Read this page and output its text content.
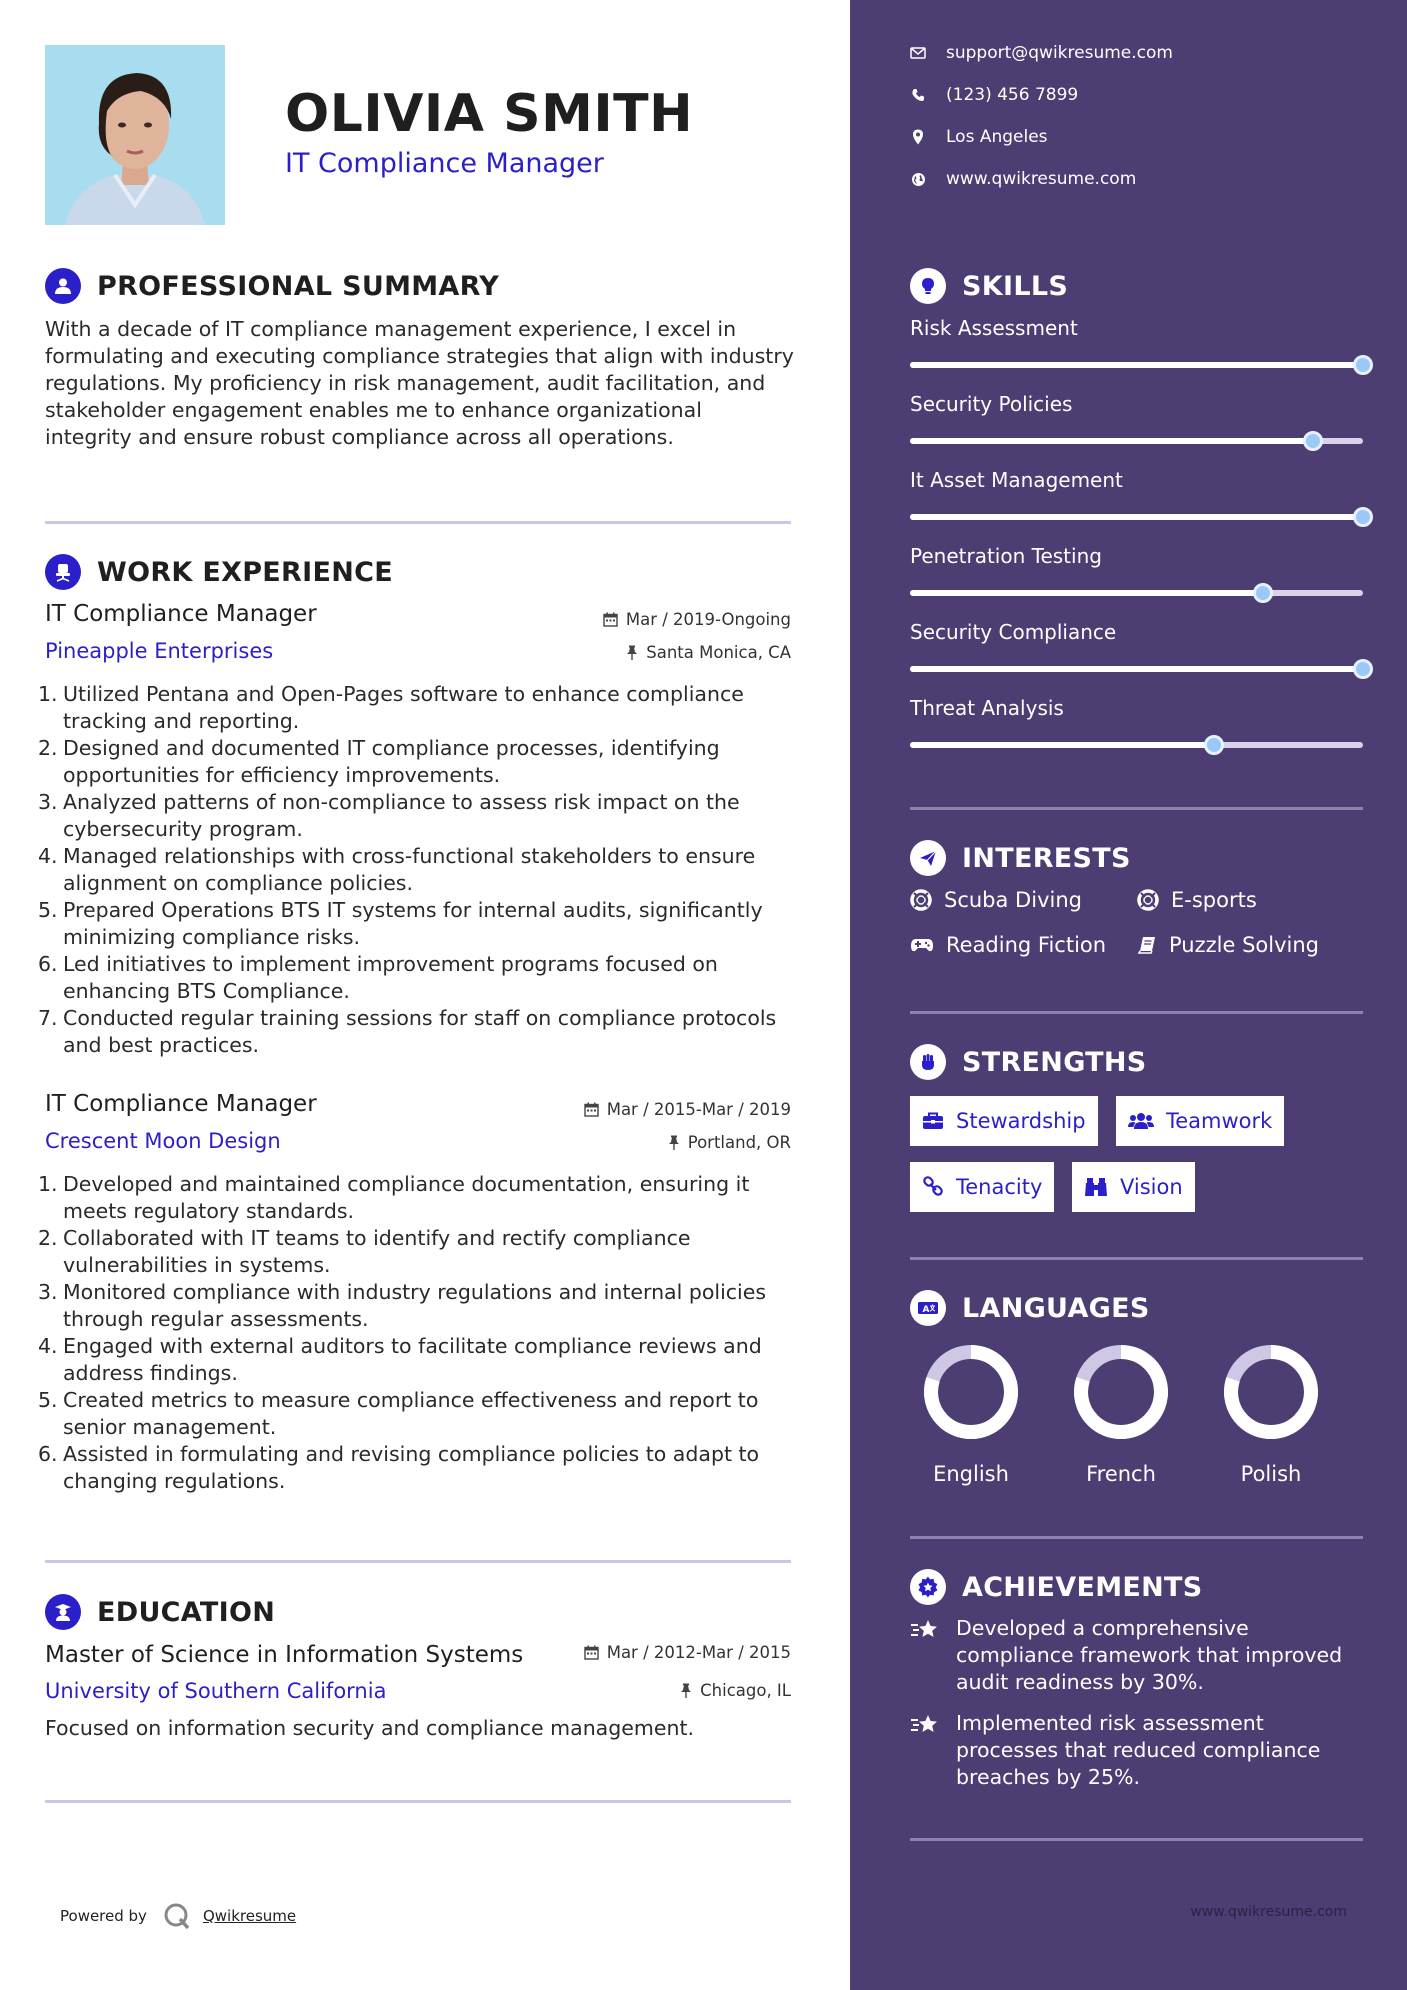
OLIVIA SMITH
IT Compliance Manager
PROFESSIONAL SUMMARY
With a decade of IT compliance management experience, I excel in formulating and executing compliance strategies that align with industry regulations. My proficiency in risk management, audit facilitation, and stakeholder engagement enables me to enhance organizational integrity and ensure robust compliance across all operations.
WORK EXPERIENCE
IT Compliance Manager
Pineapple Enterprises
Mar / 2019-Ongoing
Santa Monica, CA
1. Utilized Pentana and Open-Pages software to enhance compliance tracking and reporting.
2. Designed and documented IT compliance processes, identifying opportunities for efficiency improvements.
3. Analyzed patterns of non-compliance to assess risk impact on the cybersecurity program.
4. Managed relationships with cross-functional stakeholders to ensure alignment on compliance policies.
5. Prepared Operations BTS IT systems for internal audits, significantly minimizing compliance risks.
6. Led initiatives to implement improvement programs focused on enhancing BTS Compliance.
7. Conducted regular training sessions for staff on compliance protocols and best practices.
IT Compliance Manager
Crescent Moon Design
Mar / 2015-Mar / 2019
Portland, OR
1. Developed and maintained compliance documentation, ensuring it meets regulatory standards.
2. Collaborated with IT teams to identify and rectify compliance vulnerabilities in systems.
3. Monitored compliance with industry regulations and internal policies through regular assessments.
4. Engaged with external auditors to facilitate compliance reviews and address findings.
5. Created metrics to measure compliance effectiveness and report to senior management.
6. Assisted in formulating and revising compliance policies to adapt to changing regulations.
EDUCATION
Master of Science in Information Systems
University of Southern California
Mar / 2012-Mar / 2015
Chicago, IL
Focused on information security and compliance management.
Powered by	Qwikresume
support@qwikresume.com
(123) 456 7899
Los Angeles
www.qwikresume.com
SKILLS
Risk Assessment
Security Policies
It Asset Management
Penetration Testing
Security Compliance
Threat Analysis
INTERESTS
Scuba Diving	E-sports
Reading Fiction	Puzzle Solving
STRENGTHS
Stewardship	Teamwork
Tenacity	Vision
A LANGUAGES
English	French	Polish
ACHIEVEMENTS
Developed a comprehensive compliance framework that improved audit readiness by 30%.
Implemented risk assessment processes that reduced compliance breaches by 25%.
www.qwikresume.com
